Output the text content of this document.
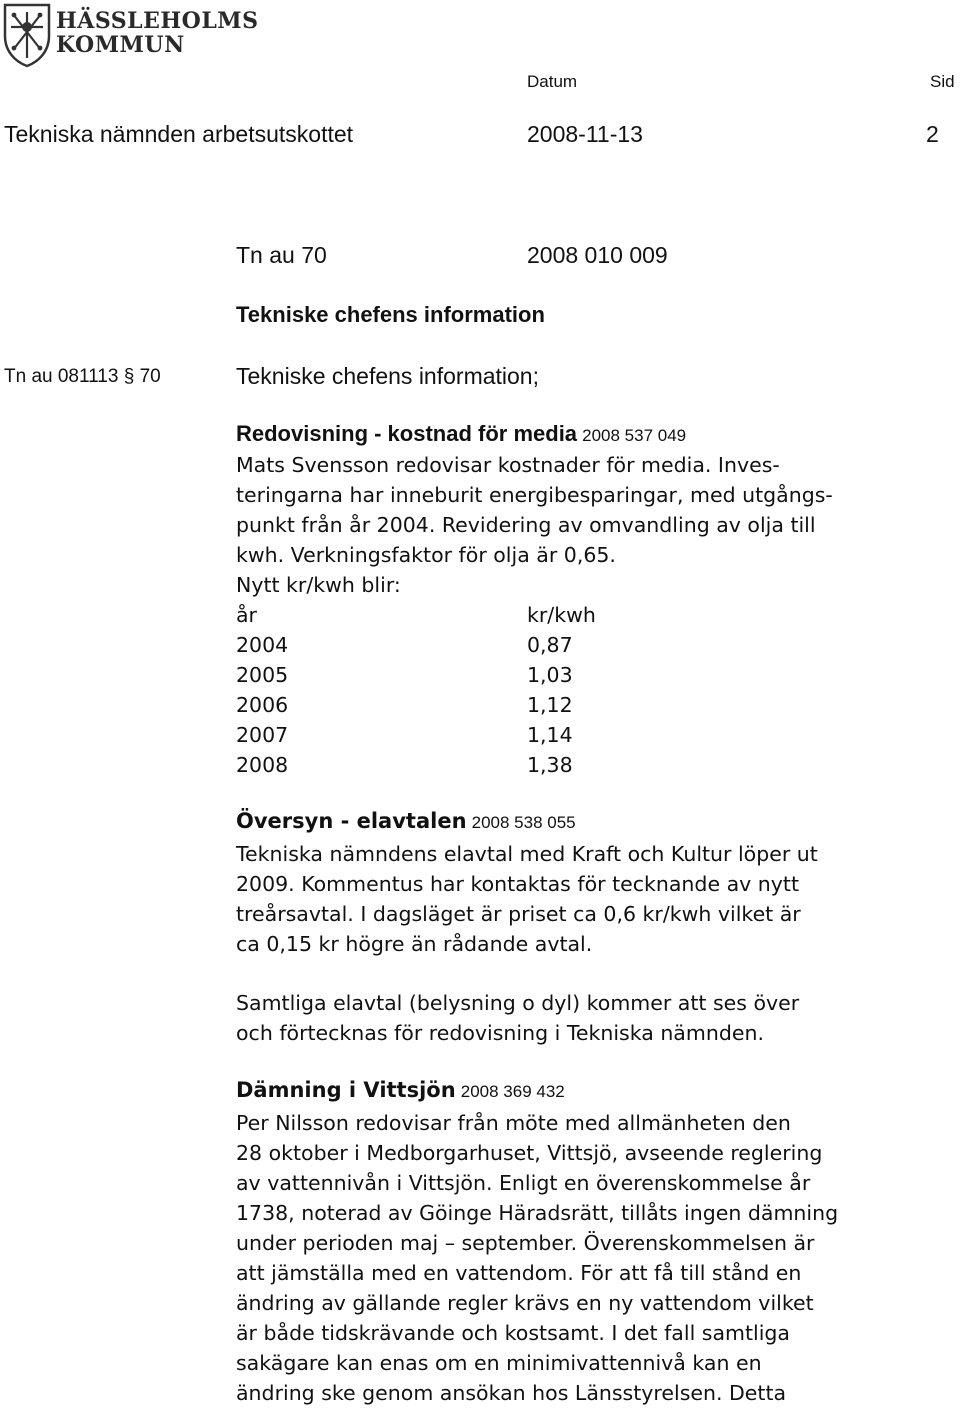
HÄSSLEHOLMS
KOMMUN
Datum	Sid
Tekniska nämnden arbetsutskottet	2008-11-13	2
Tn au 70	2008 010 009
Tekniske chefens information
Tn au 081113 § 70	Tekniske chefens information;
Redovisning - kostnad för media 2008 537 049
Mats Svensson redovisar kostnader för media. Inves-
teringarna har inneburit energibesparingar, med utgångs-
punkt från år 2004. Revidering av omvandling av olja till
kwh. Verkningsfaktor för olja är 0,65.
Nytt kr/kwh blir:
år	kr/kwh
2004	0,87
2005	1,03
2006	1,12
2007	1,14
2008	1,38
Översyn - elavtalen 2008 538 055
Tekniska nämndens elavtal med Kraft och Kultur löper ut
2009. Kommentus har kontaktas för tecknande av nytt
treårsavtal. I dagsläget är priset ca 0,6 kr/kwh vilket är
ca 0,15 kr högre än rådande avtal.
Samtliga elavtal (belysning o dyl) kommer att ses över
och förtecknas för redovisning i Tekniska nämnden.
Dämning i Vittsjön 2008 369 432
Per Nilsson redovisar från möte med allmänheten den
28 oktober i Medborgarhuset, Vittsjö, avseende reglering
av vattennivån i Vittsjön. Enligt en överenskommelse år
1738, noterad av Göinge Häradsrätt, tillåts ingen dämning
under perioden maj – september. Överenskommelsen är
att jämställa med en vattendom. För att få till stånd en
ändring av gällande regler krävs en ny vattendom vilket
är både tidskrävande och kostsamt. I det fall samtliga
sakägare kan enas om en minimivattennivå kan en
ändring ske genom ansökan hos Länsstyrelsen. Detta
